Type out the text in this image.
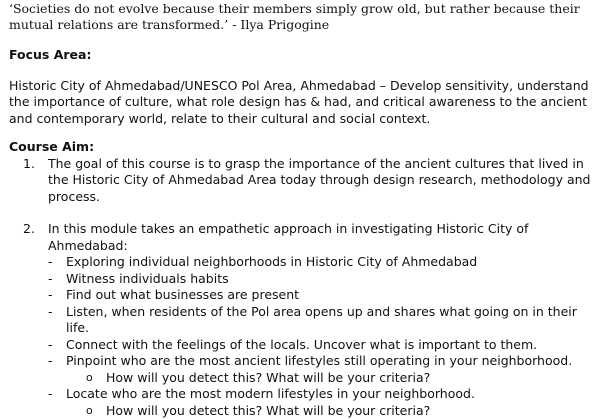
‘Societies do not evolve because their members simply grow old, but rather because their mutual relations are transformed.’ - Ilya Prigogine

Focus Area:

Historic City of Ahmedabad/UNESCO Pol Area, Ahmedabad – Develop sensitivity, understand the importance of culture, what role design has & had, and critical awareness to the ancient and contemporary world, relate to their cultural and social context.

Course Aim:

1. The goal of this course is to grasp the importance of the ancient cultures that lived in the Historic City of Ahmedabad Area today through design research, methodology and process.
2. In this module takes an empathetic approach in investigating Historic City of Ahmedabad:
- Exploring individual neighborhoods in Historic City of Ahmedabad
- Witness individuals habits
- Find out what businesses are present
- Listen, when residents of the Pol area opens up and shares what going on in their life.
- Connect with the feelings of the locals. Uncover what is important to them.
- Pinpoint who are the most ancient lifestyles still operating in your neighborhood.
o How will you detect this? What will be your criteria?
- Locate who are the most modern lifestyles in your neighborhood.
o How will you detect this? What will be your criteria?
